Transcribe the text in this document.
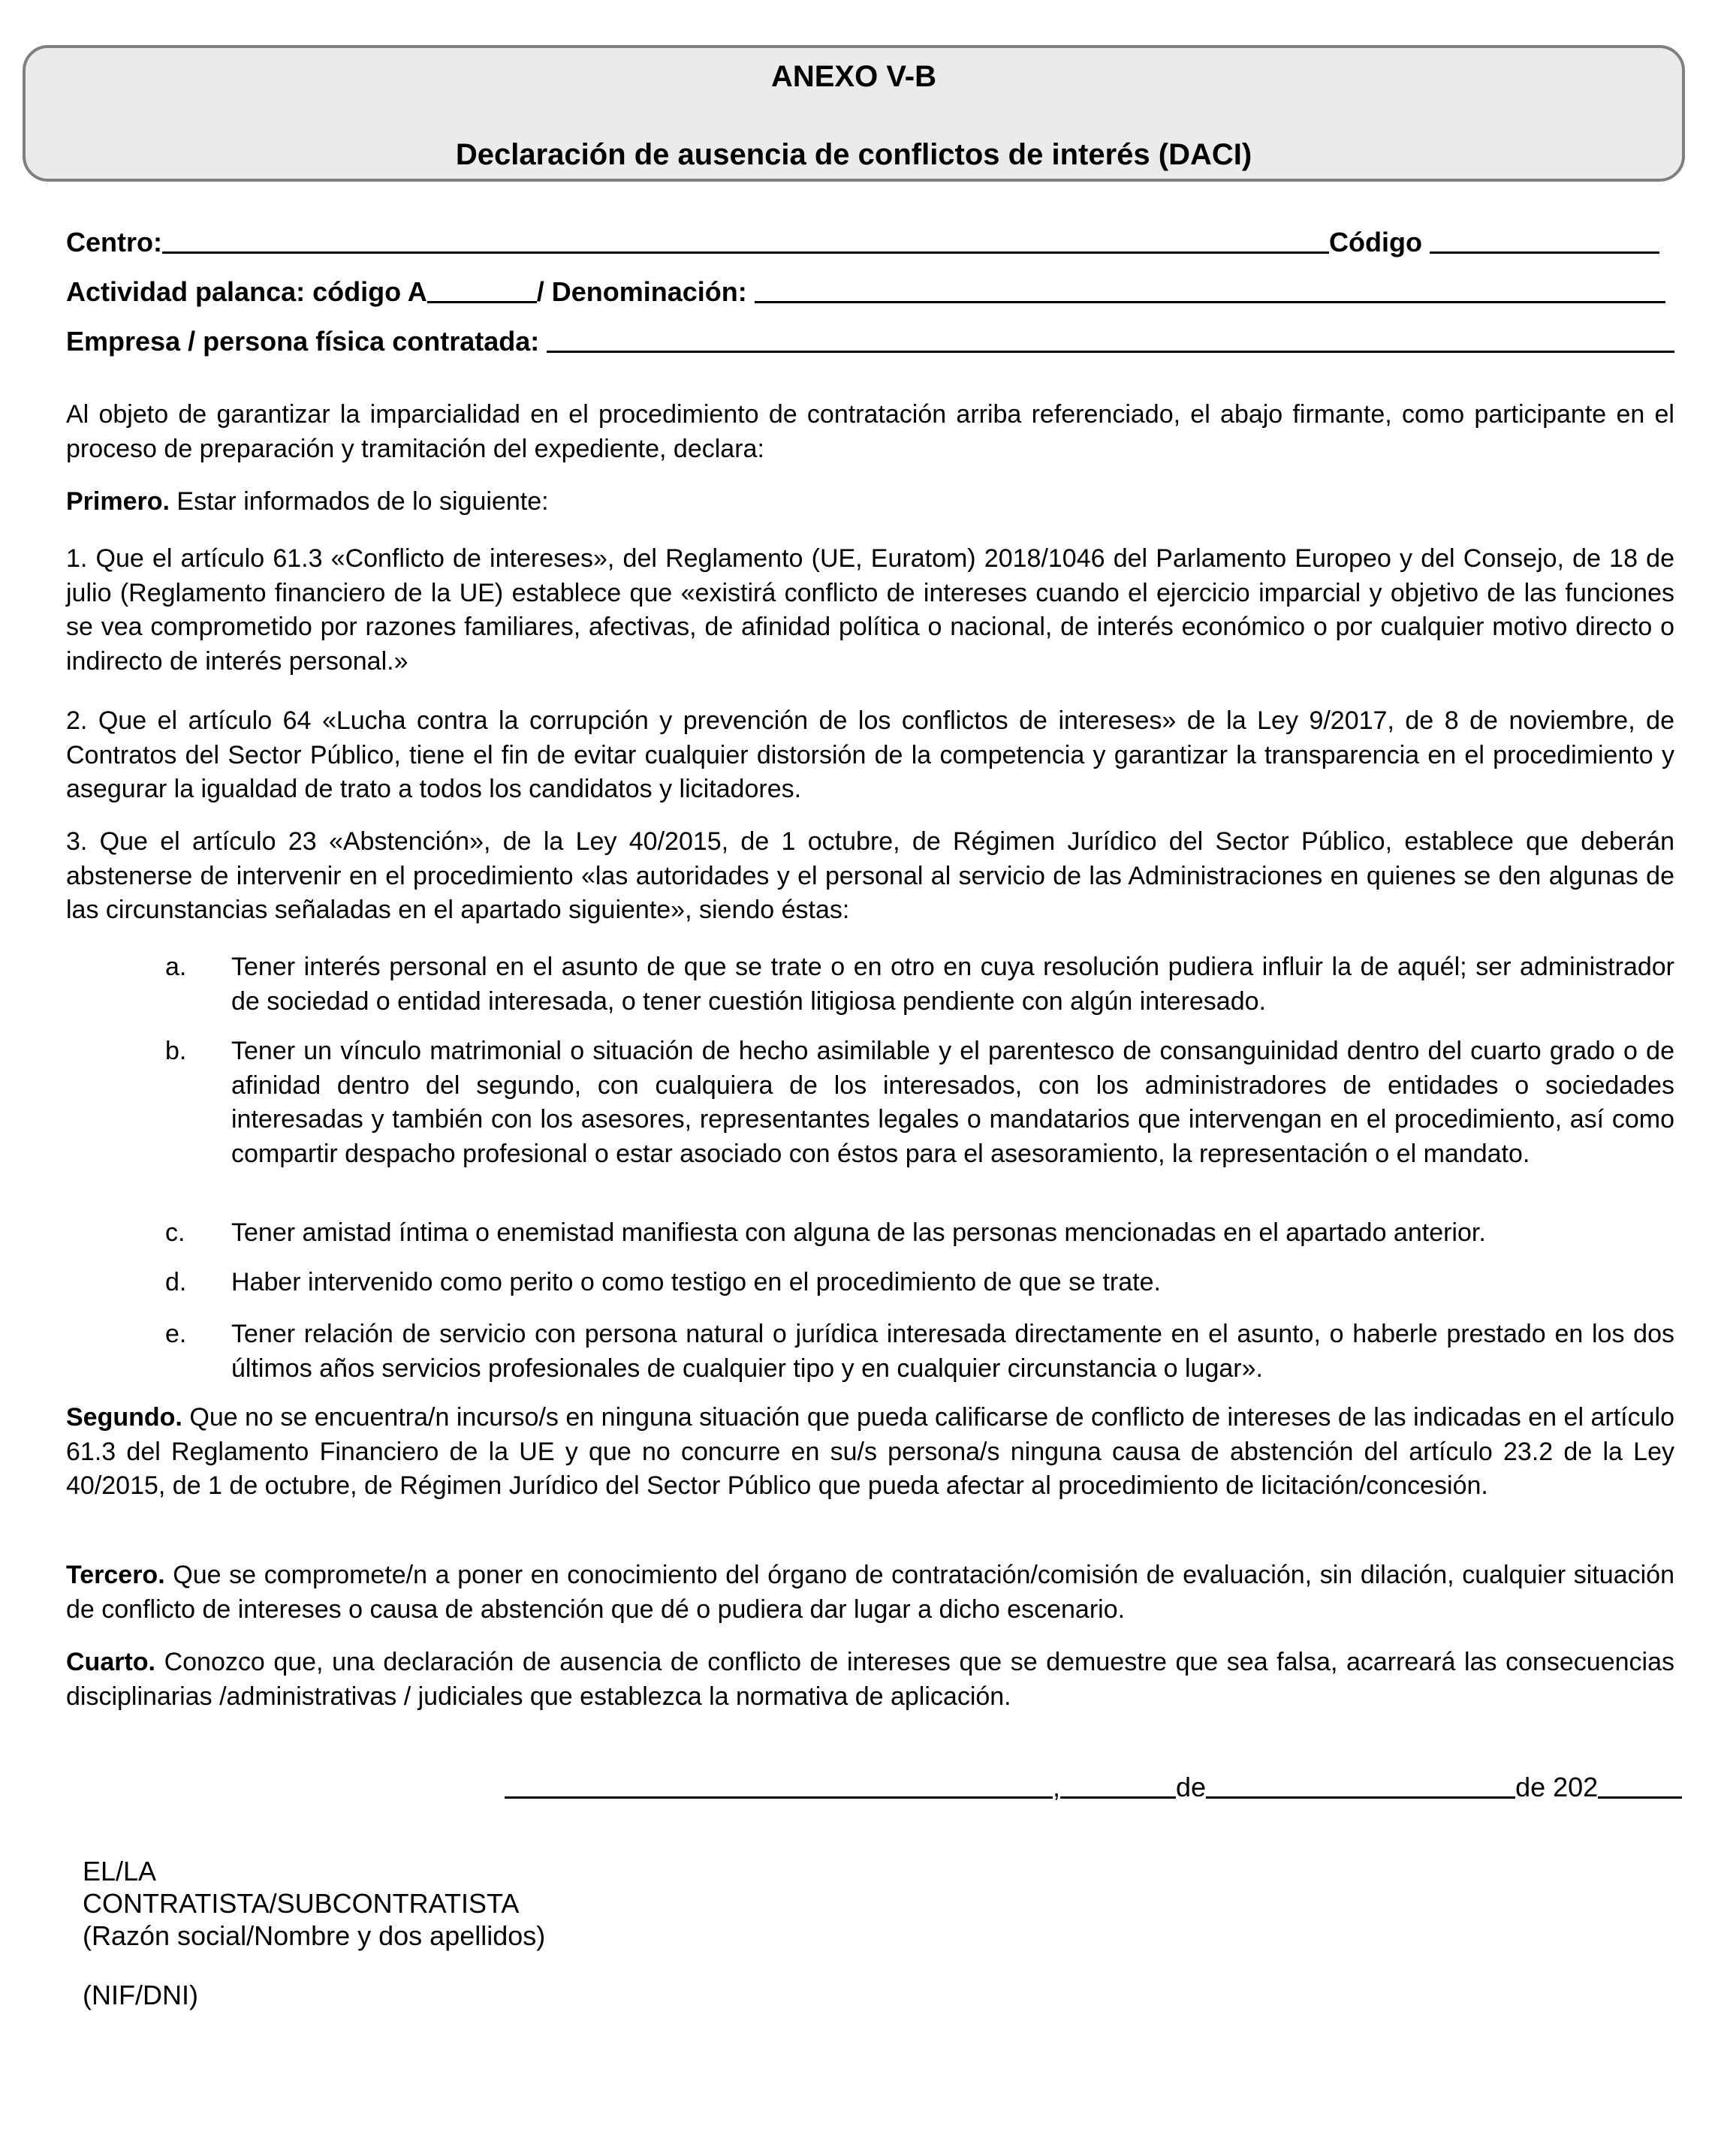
ANEXO V-B
Declaración de ausencia de conflictos de interés (DACI)
Centro:	Código

Actividad palanca: código A	/ Denominación:

Empresa / persona física contratada:

Al objeto de garantizar la imparcialidad en el procedimiento de contratación arriba referenciado, el abajo firmante, como participante en el proceso de preparación y tramitación del expediente, declara:

Primero. Estar informados de lo siguiente:

1. Que el artículo 61.3 «Conflicto de intereses», del Reglamento (UE, Euratom) 2018/1046 del Parlamento Europeo y del Consejo, de 18 de julio (Reglamento financiero de la UE) establece que «existirá conflicto de intereses cuando el ejercicio imparcial y objetivo de las funciones se vea comprometido por razones familiares, afectivas, de afinidad política o nacional, de interés económico o por cualquier motivo directo o indirecto de interés personal.»

2. Que el artículo 64 «Lucha contra la corrupción y prevención de los conflictos de intereses» de la Ley 9/2017, de 8 de noviembre, de Contratos del Sector Público, tiene el fin de evitar cualquier distorsión de la competencia y garantizar la transparencia en el procedimiento y asegurar la igualdad de trato a todos los candidatos y licitadores.

3. Que el artículo 23 «Abstención», de la Ley 40/2015, de 1 octubre, de Régimen Jurídico del Sector Público, establece que deberán abstenerse de intervenir en el procedimiento «las autoridades y el personal al servicio de las Administraciones en quienes se den algunas de las circunstancias señaladas en el apartado siguiente», siendo éstas:

a.	Tener interés personal en el asunto de que se trate o en otro en cuya resolución pudiera influir la de aquél; ser administrador de sociedad o entidad interesada, o tener cuestión litigiosa pendiente con algún interesado.
b.	Tener un vínculo matrimonial o situación de hecho asimilable y el parentesco de consanguinidad dentro del cuarto grado o de afinidad dentro del segundo, con cualquiera de los interesados, con los administradores de entidades o sociedades interesadas y también con los asesores, representantes legales o mandatarios que intervengan en el procedimiento, así como compartir despacho profesional o estar asociado con éstos para el asesoramiento, la representación o el mandato.
c.	Tener amistad íntima o enemistad manifiesta con alguna de las personas mencionadas en el apartado anterior.
d.	Haber intervenido como perito o como testigo en el procedimiento de que se trate.
e.	Tener relación de servicio con persona natural o jurídica interesada directamente en el asunto, o haberle prestado en los dos últimos años servicios profesionales de cualquier tipo y en cualquier circunstancia o lugar».

Segundo. Que no se encuentra/n incurso/s en ninguna situación que pueda calificarse de conflicto de intereses de las indicadas en el artículo 61.3 del Reglamento Financiero de la UE y que no concurre en su/s persona/s ninguna causa de abstención del artículo 23.2 de la Ley 40/2015, de 1 de octubre, de Régimen Jurídico del Sector Público que pueda afectar al procedimiento de licitación/concesión.

Tercero. Que se compromete/n a poner en conocimiento del órgano de contratación/comisión de evaluación, sin dilación, cualquier situación de conflicto de intereses o causa de abstención que dé o pudiera dar lugar a dicho escenario.

Cuarto. Conozco que, una declaración de ausencia de conflicto de intereses que se demuestre que sea falsa, acarreará las consecuencias disciplinarias /administrativas / judiciales que establezca la normativa de aplicación.

,	de	de 202
EL/LA
CONTRATISTA/SUBCONTRATISTA
(Razón social/Nombre y dos apellidos)
(NIF/DNI)
